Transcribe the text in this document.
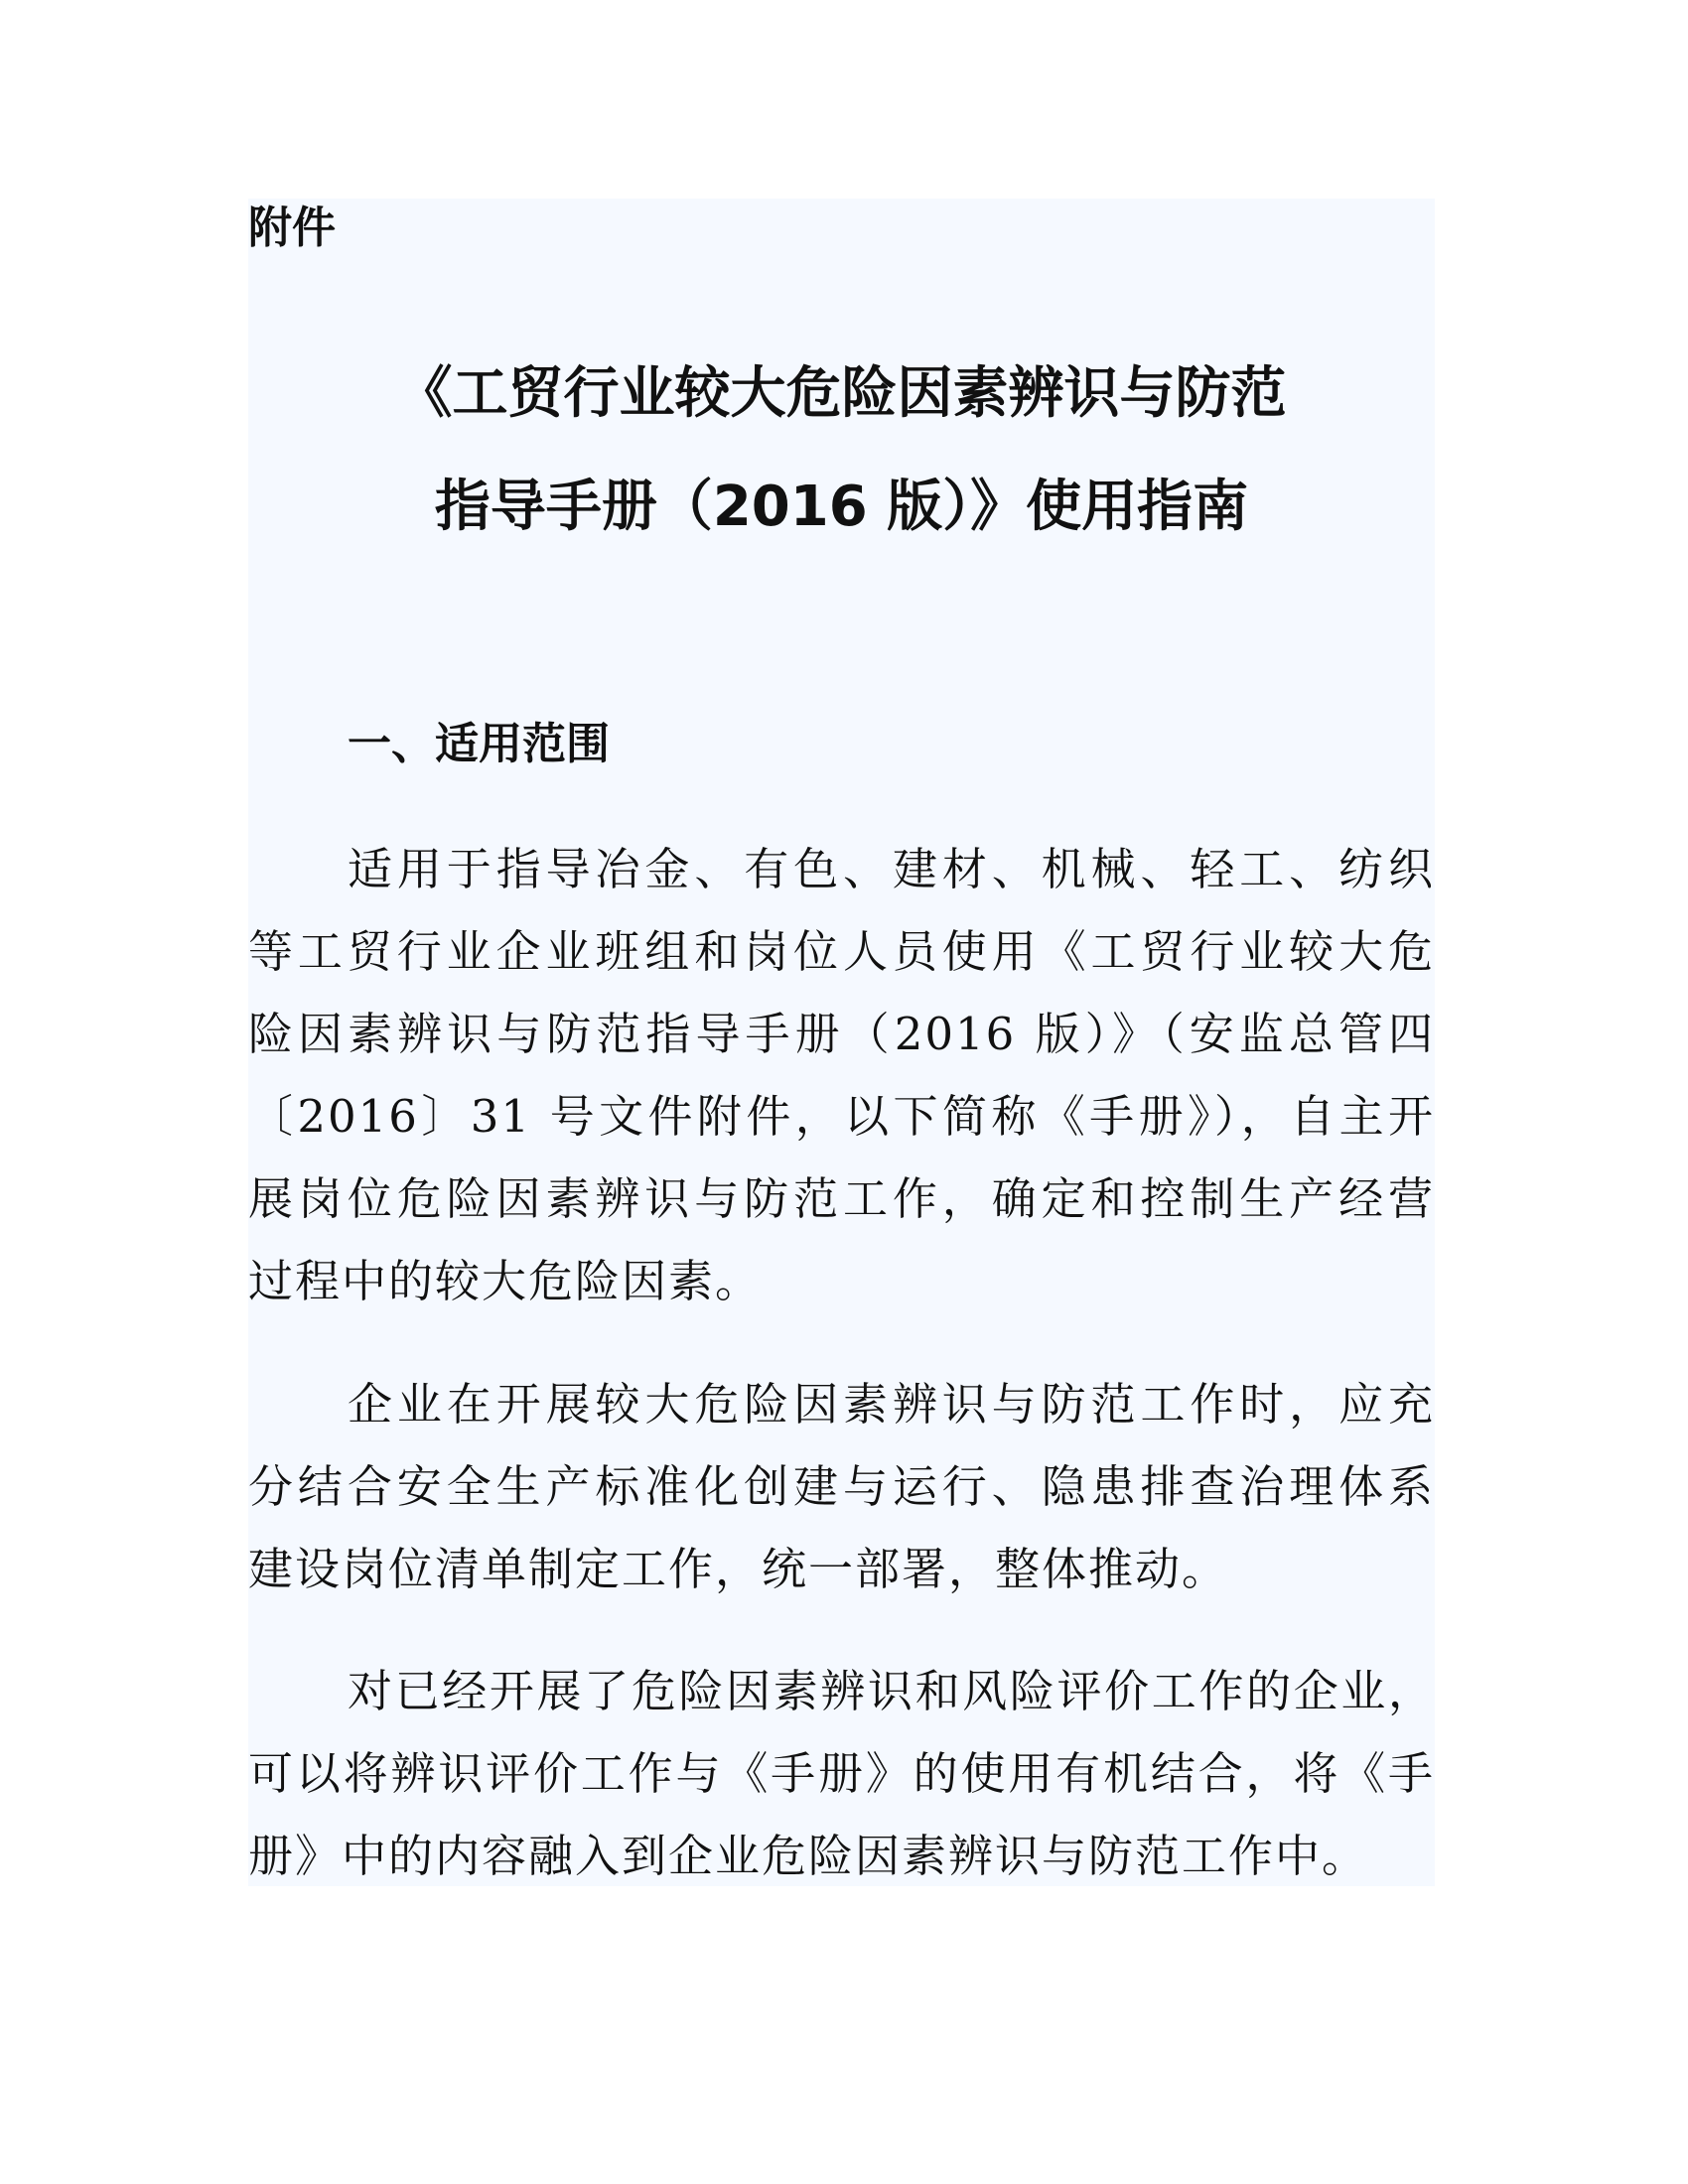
附件
《工贸行业较大危险因素辨识与防范
指导手册（2016 版）》使用指南
一、适用范围
适用于指导冶金、有色、建材、机械、轻工、纺织
等工贸行业企业班组和岗位人员使用《工贸行业较大危
险因素辨识与防范指导手册（2016 版）》（安监总管四
〔2016〕31 号文件附件，以下简称《手册》），自主开
展岗位危险因素辨识与防范工作，确定和控制生产经营
过程中的较大危险因素。
企业在开展较大危险因素辨识与防范工作时，应充
分结合安全生产标准化创建与运行、隐患排查治理体系
建设岗位清单制定工作，统一部署，整体推动。
对已经开展了危险因素辨识和风险评价工作的企业，
可以将辨识评价工作与《手册》的使用有机结合，将《手
册》中的内容融入到企业危险因素辨识与防范工作中。
